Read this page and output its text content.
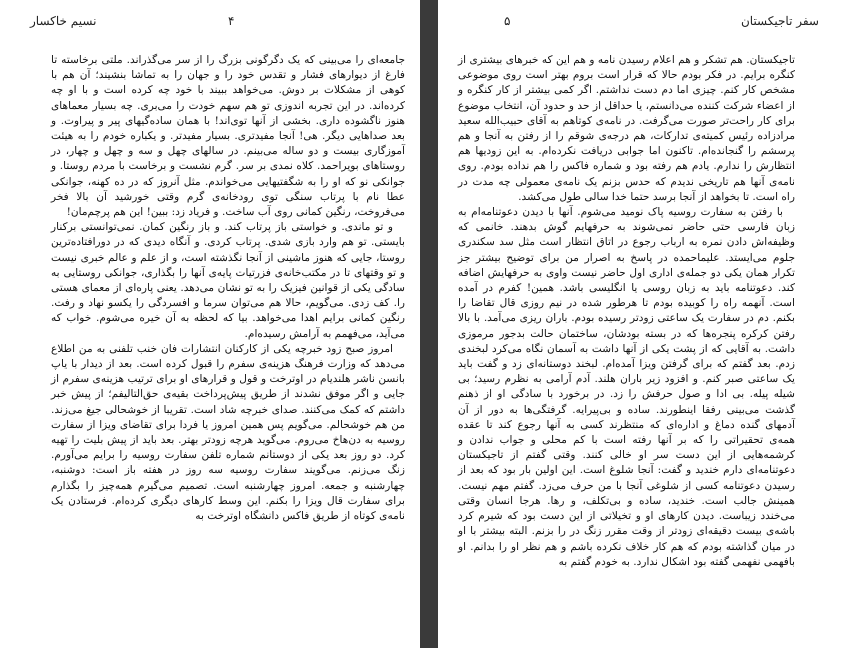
نسیم خاکسار	۴

جامعه‌ای را می‌بینی که یک دگرگونی بزرگ را از سر می‌گذراند. ملتی برخاسته تا فارغ از دیوارهای فشار و تقدس خود را و جهان را به تماشا بنشیند؛ آن هم با کوهی از مشکلات بر دوش. می‌خواهد ببیند با خود چه کرده است و با او چه کرده‌اند. در این تجربه اندوزی تو هم سهم خودت را می‌بری. چه بسیار معماهای هنوز ناگشوده داری. بخشی از آنها توی‌اند! با همان ساده‌گیهای پیر و پیراوت. و بعد صداهایی دیگر. هی! آنجا مفیدتری. بسیار مفیدتر. و یکباره خودم را به هیئت آموزگاری بیست و دو ساله می‌بینم. در سالهای چهل و سه و چهل و چهار، در روستاهای بویراحمد. کلاه نمدی بر سر. گرم نشست و برخاست با مردم روستا. و جوانکی نو که او را به شگفتیهایی می‌خواندم. مثل آنروز که در ده کهنه، جوانکی عطا نام با پرتاب سنگی توی رودخانه‌ی گرم وقتی خورشید آن بالا فخر می‌فروخت، رنگین کمانی روی آب ساخت. و فریاد زد: ببین! این هم پرچم‌مان!

و تو ماندی. و خواستی باز پرتاب کند. و باز رنگین کمان. نمی‌توانستی برکنار بایستی. تو هم وارد بازی شدی. پرتاب کردی. و آنگاه دیدی که در دورافتاده‌ترین روستا، جایی که هنوز ماشینی از آنجا نگذشته است، و از علم و عالم خبری نیست و تو وقتهای تا در مکتب‌خانه‌ی فزرتیات پایه‌ی آنها را بگذاری، جوانکی روستایی به سادگی یکی از قوانین فیزیک را به تو نشان می‌دهد. یعنی پاره‌ای از معمای هستی را. کف زدی. می‌گویم، حالا هم می‌توان سرما و افسردگی را یکسو نهاد و رفت. رنگین کمانی برایم اهدا می‌خواهد. بیا که لحظه به آن خیره می‌شوم. خواب که می‌آید، می‌فهمم به آرامش رسیده‌ام.

امروز صبح زود خبرچه یکی از کارکنان انتشارات فان خنب تلفنی به من اطلاع می‌دهد که وزارت فرهنگ هزینه‌ی سفرم را قبول کرده است. بعد از دیدار با یاپ بانسن ناشر هلندیام در اوترخت و قول و قرارهای او برای ترتیب هزینه‌ی سفرم از جایی و اگر موفق نشدند از طریق پیش‌پرداخت بقیه‌ی حق‌التالیفم؛ از پیش خبر داشتم که کمک می‌کنند. صدای خبرچه شاد است. تقریبا از خوشحالی جیغ می‌زند. من هم خوشحالم. می‌گویم پس همین امروز یا فردا برای تقاضای ویزا از سفارت روسیه به دن‌هاخ می‌روم. می‌گوید هرچه زودتر بهتر. بعد باید از پیش بلیت را تهیه کرد. دو روز بعد یکی از دوستانم شماره تلفن سفارت روسیه را برایم می‌آورم. زنگ می‌زنم. می‌گویند سفارت روسیه سه روز در هفته باز است: دوشنبه، چهارشنبه و جمعه. امروز چهارشنبه است. تصمیم می‌گیرم همه‌چیز را بگذارم برای سفارت قال ویزا را بکنم. این وسط کارهای دیگری کرده‌ام. فرستادن یک نامه‌ی کوتاه از طریق فاکس دانشگاه اوترخت به

۵	سفر تاجیکستان

تاجیکستان. هم تشکر و هم اعلام رسیدن نامه و هم این که خبرهای بیشتری از کنگره برایم. در فکر بودم حالا که قرار است بروم بهتر است روی موضوعی مشخص کار کنم. چیزی اما دم دست نداشتم. اگر کمی بیشتر از کار کنگره و از اعضاء شرکت کننده می‌دانستم، یا حداقل از حد و حدود آن، انتخاب موضوع برای کار راحت‌تر صورت می‌گرفت. در نامه‌ی کوتاهم به آقای حبیب‌الله سعید مرادزاده رئیس کمیته‌ی تدارکات، هم درجه‌ی شوقم را از رفتن به آنجا و هم پرسشم را گنجانده‌ام. تاکنون اما جوابی دریافت نکرده‌ام. به این زودیها هم انتظارش را ندارم. یادم هم رفته بود و شماره فاکس را هم نداده بودم. روی نامه‌ی آنها هم تاریخی ندیدم که حدس بزنم یک نامه‌ی معمولی چه مدت در راه است. تا بخواهد از آنجا برسد حتما خدا سالی طول می‌کشد.

با رفتن به سفارت روسیه پاک نومید می‌شوم. آنها با دیدن دعوتنامه‌ام به زبان فارسی حتی حاضر نمی‌شوند به حرفهایم گوش بدهند. خانمی که وظیفه‌اش دادن نمره به ارباب رجوع در اتاق انتظار است مثل سد سکندری جلوم می‌ایستد. علیماحمده در پاسخ به اصرار من برای توضیح بیشتر جز تکرار همان یکی دو جمله‌ی اداری اول حاضر نیست واوی به حرفهایش اضافه کند. دعوتنامه باید به زبان روسی یا انگلیسی باشد. همین! کفرم در آمده است. آنهمه راه را کوبیده بودم تا هرطور شده در نیم روزی قال تقاضا را بکنم. دم در سفارت یک ساعتی زودتر رسیده بودم. باران ریزی می‌آمد. با بالا رفتن کرکره پنجره‌ها که در بسته بودشان، ساختمان حالت بدجور مرموزی داشت. به آقایی که از پشت یکی از آنها داشت به آسمان نگاه می‌کرد لبخندی زدم. بعد گفتم که برای گرفتن ویزا آمده‌ام. لبخند دوستانه‌ای زد و گفت باید یک ساعتی صبر کنم. و افزود زیر باران هلند. آدم آرامی به نظرم رسید؛ بی شیله پیله. بی ادا و صول حرفش را زد. در برخورد با سادگی او از ذهنم گذشت می‌بینی رفقا اینطورند. ساده و بی‌پیرایه. گرفتگی‌ها به دور از آن آدمهای گنده دماغ و اداره‌ای که منتظرند کسی به آنها رجوع کند تا عقده همه‌ی تحقیراتی را که بر آنها رفته است با کم محلی و جواب ندادن و کرشمه‌هایی از این دست سر او خالی کنند. وقتی گفتم از تاجیکستان دعوتنامه‌ای دارم خندید و گفت: آنجا شلوغ است. این اولین بار بود که بعد از رسیدن دعوتنامه کسی از شلوغی آنجا با من حرف می‌زد. گفتم مهم نیست. همینش جالب است. خندید، ساده و بی‌تکلف، و رها. هرجا انسان وقتی می‌خندد زیباست. دیدن کارهای او و تخیلاتی از این دست بود که شیرم کرد باشه‌ی بیست دقیقه‌ای زودتر از وقت مقرر زنگ در را بزنم. البته بیشتر با او در میان گذاشته بودم که هم کار خلاف نکرده باشم و هم نظر او را بدانم. او بافهمی نفهمی گفته بود اشکال ندارد. به خودم گفتم به
